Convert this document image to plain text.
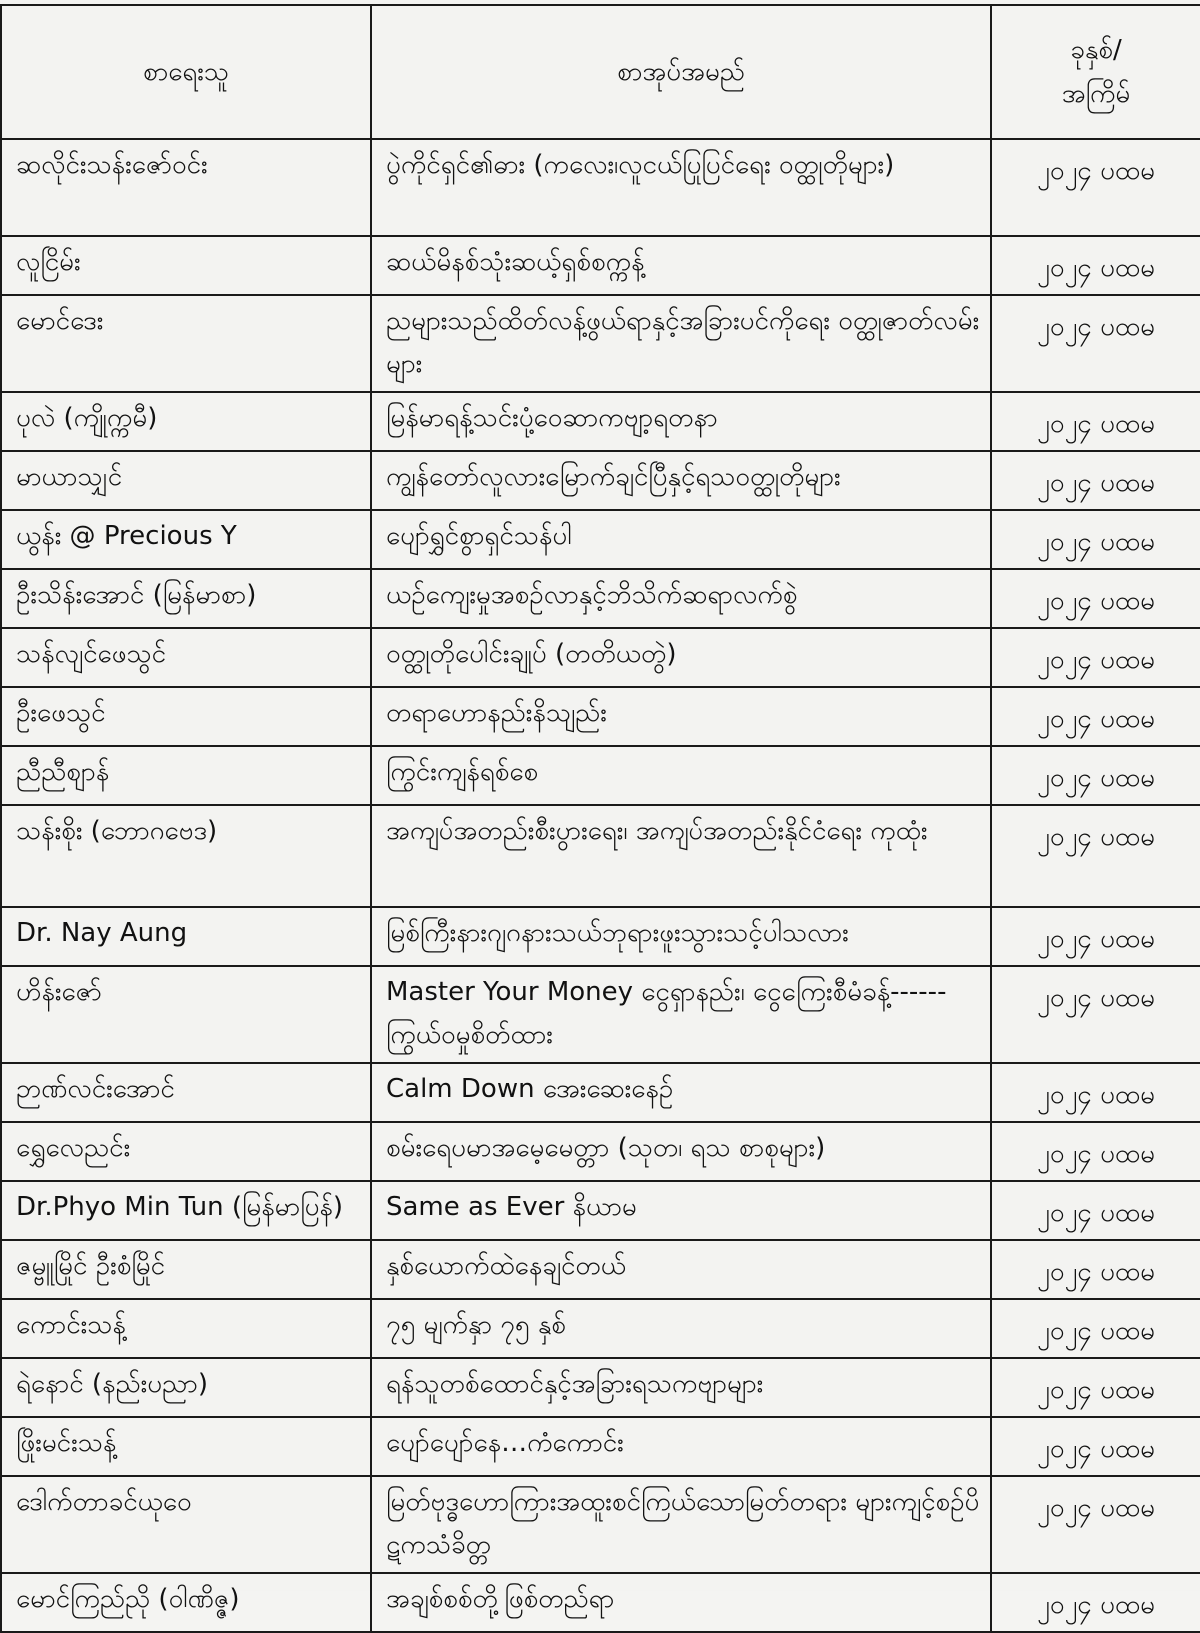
စာရေးသူ	စာအုပ်အမည်	ခုနှစ်/
အကြိမ်

ဆလိုင်းသန်းဇော်ဝင်း	ပွဲကိုင်ရှင်၏ဓား (ကလေး၊လူငယ်ပြုပြင်ရေး ဝတ္ထုတိုများ)	၂၀၂၄ ပထမ
လူငြိမ်း	ဆယ်မိနစ်သုံးဆယ့်ရှစ်စက္ကန့်	၂၀၂၄ ပထမ
မောင်ဒေး	ညများသည်ထိတ်လန့်ဖွယ်ရာနှင့်အခြားပင်ကိုရေး ဝတ္ထုဇာတ်လမ်းများ	၂၀၂၄ ပထမ
ပုလဲ (ကျိုက္ကမီ)	မြန်မာရန့်သင်းပုံ့ဝေဆာကဗျာ့ရတနာ	၂၀၂၄ ပထမ
မာယာသျှင်	ကျွန်တော်လူလားမြောက်ချင်ပြီနှင့်ရသဝတ္ထုတိုများ	၂၀၂၄ ပထမ
ယွန်း @ Precious Y	ပျော်ရွှင်စွာရှင်သန်ပါ	၂၀၂၄ ပထမ
ဦးသိန်းအောင် (မြန်မာစာ)	ယဉ်ကျေးမှုအစဉ်လာနှင့်ဘိသိက်ဆရာလက်စွဲ	၂၀၂၄ ပထမ
သန်လျင်ဖေသွင်	ဝတ္ထုတိုပေါင်းချုပ် (တတိယတွဲ)	၂၀၂၄ ပထမ
ဦးဖေသွင်	တရာဟောနည်းနိသျည်း	၂၀၂၄ ပထမ
ညီညီစျာန်	ကြွင်းကျန်ရစ်စေ	၂၀၂၄ ပထမ
သန်းစိုး (ဘောဂဗေဒ)	အကျပ်အတည်းစီးပွားရေး၊ အကျပ်အတည်းနိုင်ငံရေး ကုထုံး	၂၀၂၄ ပထမ
Dr. Nay Aung	မြစ်ကြီးနားဂျဂနားသယ်ဘုရားဖူးသွားသင့်ပါသလား	၂၀၂၄ ပထမ
ဟိန်းဇော်	Master Your Money ငွေရှာနည်း၊ ငွေကြေးစီမံခန့်------ ကြွယ်ဝမှုစိတ်ထား	၂၀၂၄ ပထမ
ဉာဏ်လင်းအောင်	Calm Down အေးဆေးနေဉ်	၂၀၂၄ ပထမ
ရွှေလေညင်း	စမ်းရေပမာအမေ့မေတ္တာ (သုတ၊ ရသ စာစုများ)	၂၀၂၄ ပထမ
Dr.Phyo Min Tun (မြန်မာပြန်)	Same as Ever နိယာမ	၂၀၂၄ ပထမ
ဇမ္ဗူမြိုင် ဦးစံမြိုင်	နှစ်ယောက်ထဲနေချင်တယ်	၂၀၂၄ ပထမ
ကောင်းသန့်	၇၅ မျက်နှာ ၇၅ နှစ်	၂၀၂၄ ပထမ
ရဲနောင် (နည်းပညာ)	ရန်သူတစ်ထောင်နှင့်အခြားရသကဗျာများ	၂၀၂၄ ပထမ
ဖြိုးမင်းသန့်	ပျော်ပျော်နေ…ကံကောင်း	၂၀၂၄ ပထမ
ဒေါက်တာခင်ယုဝေ	မြတ်ဗုဒ္ဓဟောကြားအထူးစင်ကြယ်သောမြတ်တရား များကျင့်စဉ်ပိဋကသံခိတ္တ	၂၀၂၄ ပထမ
မောင်ကြည်ညို (ဝါဏိဇ္ဇ)	အချစ်စစ်တို့ဖြစ်တည်ရာ	၂၀၂၄ ပထမ
